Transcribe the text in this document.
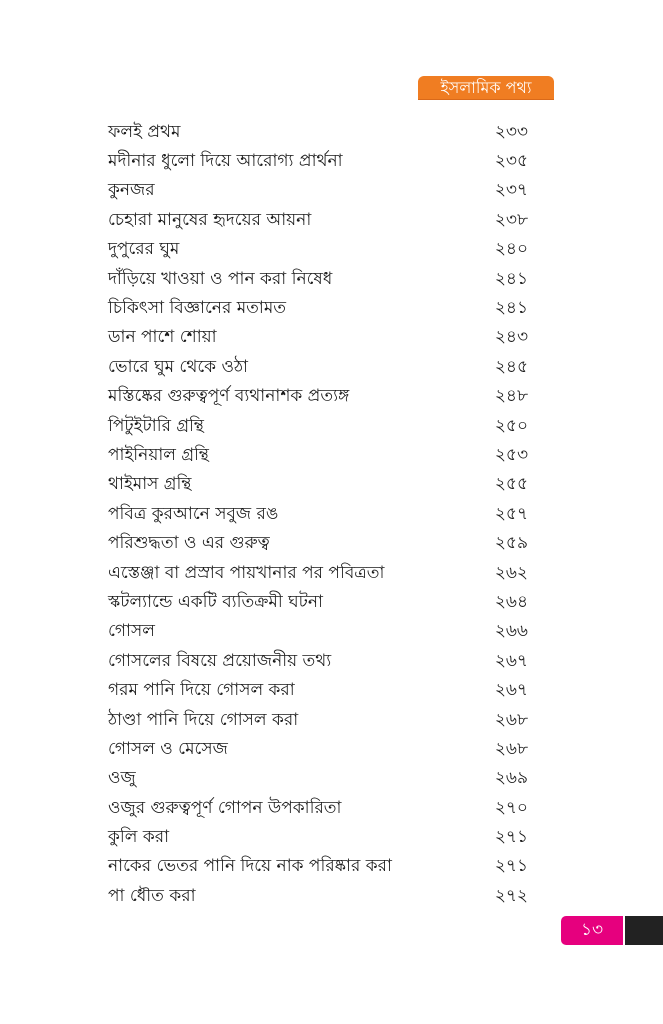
ইসলামিক পথ্য
ফলই প্রথম	২৩৩
মদীনার ধুলো দিয়ে আরোগ্য প্রার্থনা	২৩৫
কুনজর	২৩৭
চেহারা মানুষের হৃদয়ের আয়না	২৩৮
দুপুরের ঘুম	২৪০
দাঁড়িয়ে খাওয়া ও পান করা নিষেধ	২৪১
চিকিৎসা বিজ্ঞানের মতামত	২৪১
ডান পাশে শোয়া	২৪৩
ভোরে ঘুম থেকে ওঠা	২৪৫
মস্তিষ্কের গুরুত্বপূর্ণ ব্যথানাশক প্রত্যঙ্গ	২৪৮
পিটুইটারি গ্রন্থি	২৫০
পাইনিয়াল গ্রন্থি	২৫৩
থাইমাস গ্রন্থি	২৫৫
পবিত্র কুরআনে সবুজ রঙ	২৫৭
পরিশুদ্ধতা ও এর গুরুত্ব	২৫৯
এস্তেঞ্জা বা প্রস্রাব পায়খানার পর পবিত্রতা	২৬২
স্কটল্যান্ডে একটি ব্যতিক্রমী ঘটনা	২৬৪
গোসল	২৬৬
গোসলের বিষয়ে প্রয়োজনীয় তথ্য	২৬৭
গরম পানি দিয়ে গোসল করা	২৬৭
ঠাণ্ডা পানি দিয়ে গোসল করা	২৬৮
গোসল ও মেসেজ	২৬৮
ওজু	২৬৯
ওজুর গুরুত্বপূর্ণ গোপন উপকারিতা	২৭০
কুলি করা	২৭১
নাকের ভেতর পানি দিয়ে নাক পরিষ্কার করা	২৭১
পা ধৌত করা	২৭২
১৩
